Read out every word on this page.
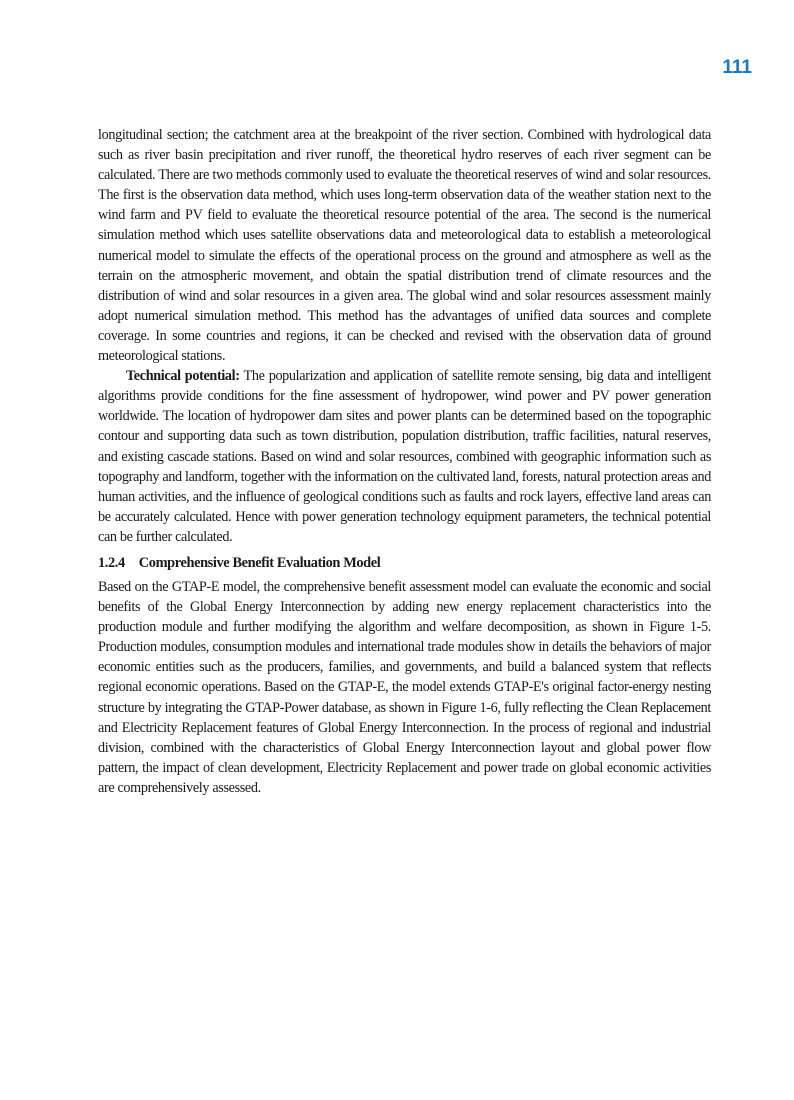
111

longitudinal section; the catchment area at the breakpoint of the river section. Combined with hydrological data such as river basin precipitation and river runoff, the theoretical hydro reserves of each river segment can be calculated. There are two methods commonly used to evaluate the theoretical reserves of wind and solar resources. The first is the observation data method, which uses long-term observation data of the weather station next to the wind farm and PV field to evaluate the theoretical resource potential of the area. The second is the numerical simulation method which uses satellite observations data and meteorological data to establish a meteorological numerical model to simulate the effects of the operational process on the ground and atmosphere as well as the terrain on the atmospheric movement, and obtain the spatial distribution trend of climate resources and the distribution of wind and solar resources in a given area. The global wind and solar resources assessment mainly adopt numerical simulation method. This method has the advantages of unified data sources and complete coverage. In some countries and regions, it can be checked and revised with the observation data of ground meteorological stations.

Technical potential: The popularization and application of satellite remote sensing, big data and intelligent algorithms provide conditions for the fine assessment of hydropower, wind power and PV power generation worldwide. The location of hydropower dam sites and power plants can be determined based on the topographic contour and supporting data such as town distribution, population distribution, traffic facilities, natural reserves, and existing cascade stations. Based on wind and solar resources, combined with geographic information such as topography and landform, together with the information on the cultivated land, forests, natural protection areas and human activities, and the influence of geological conditions such as faults and rock layers, effective land areas can be accurately calculated. Hence with power generation technology equipment parameters, the technical potential can be further calculated.

1.2.4 Comprehensive Benefit Evaluation Model

Based on the GTAP-E model, the comprehensive benefit assessment model can evaluate the economic and social benefits of the Global Energy Interconnection by adding new energy replacement characteristics into the production module and further modifying the algorithm and welfare decomposition, as shown in Figure 1-5. Production modules, consumption modules and international trade modules show in details the behaviors of major economic entities such as the producers, families, and governments, and build a balanced system that reflects regional economic operations. Based on the GTAP-E, the model extends GTAP-E's original factor-energy nesting structure by integrating the GTAP-Power database, as shown in Figure 1-6, fully reflecting the Clean Replacement and Electricity Replacement features of Global Energy Interconnection. In the process of regional and industrial division, combined with the characteristics of Global Energy Interconnection layout and global power flow pattern, the impact of clean development, Electricity Replacement and power trade on global economic activities are comprehensively assessed.
